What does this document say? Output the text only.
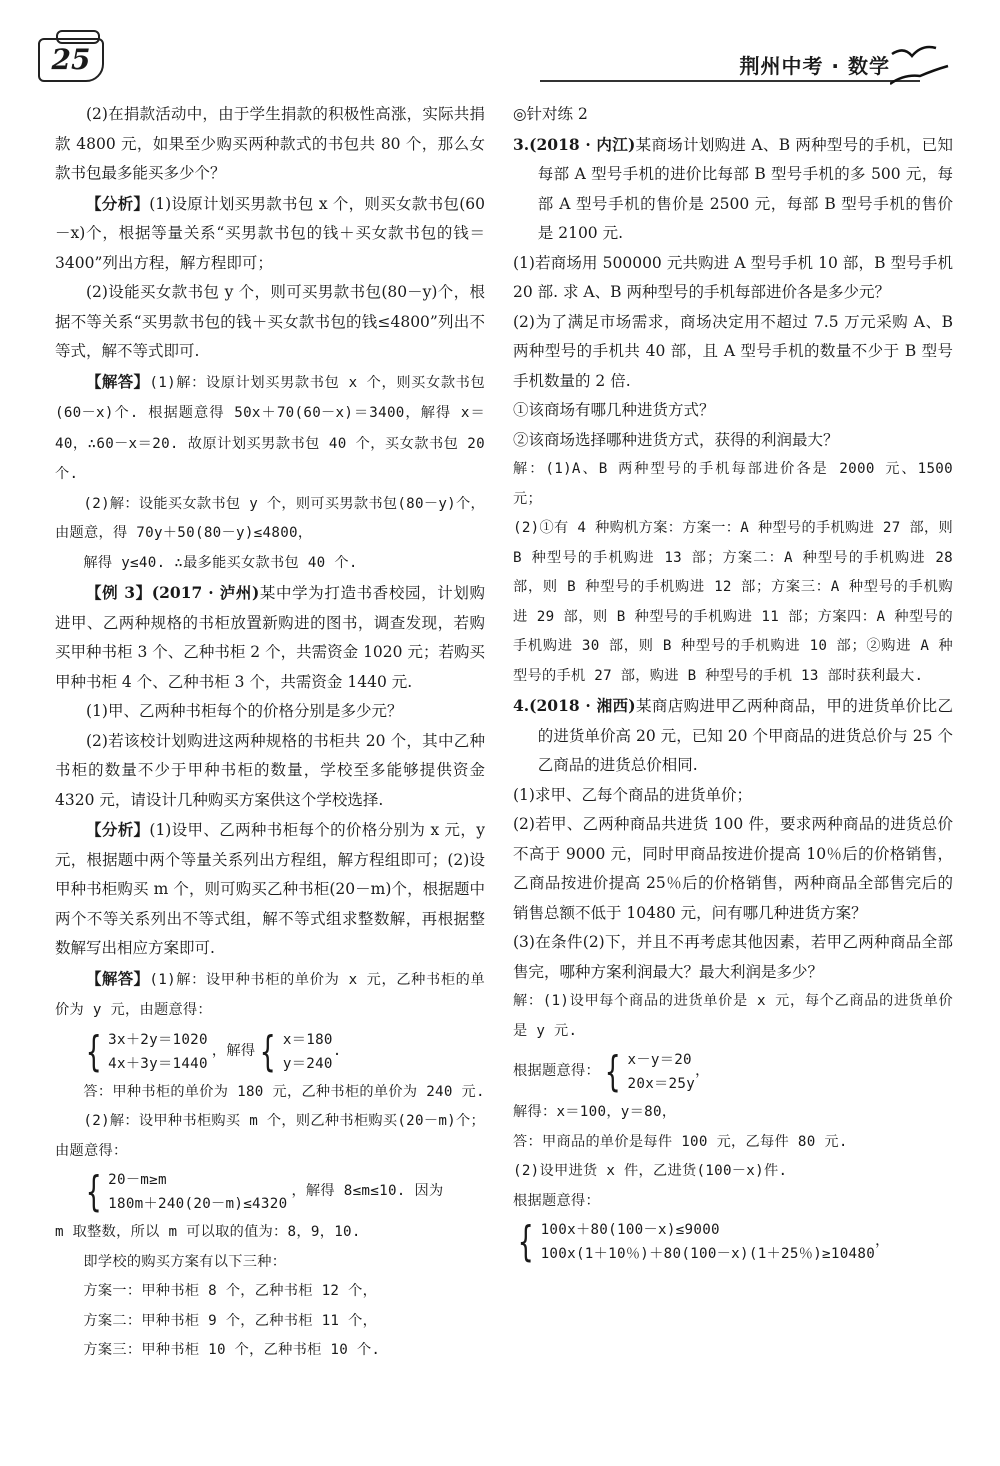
25	荆州中考 · 数学

(2)在捐款活动中，由于学生捐款的积极性高涨，实际共捐款 4800 元，如果至少购买两种款式的书包共 80 个，那么女款书包最多能买多少个？

【分析】(1)设原计划买男款书包 x 个，则买女款书包(60－x)个，根据等量关系“买男款书包的钱＋买女款书包的钱＝3400”列出方程，解方程即可；

(2)设能买女款书包 y 个，则可买男款书包(80－y)个，根据不等关系“买男款书包的钱＋买女款书包的钱≤4800”列出不等式，解不等式即可.

【解答】(1)解：设原计划买男款书包 x 个，则买女款书包(60－x)个. 根据题意得 50x＋70(60－x)＝3400，解得 x＝40，∴60－x＝20. 故原计划买男款书包 40 个，买女款书包 20 个.

(2)解：设能买女款书包 y 个，则可买男款书包(80－y)个，由题意，得 70y＋50(80－y)≤4800，

解得 y≤40. ∴最多能买女款书包 40 个.

【例 3】(2017 · 泸州)某中学为打造书香校园，计划购进甲、乙两种规格的书柜放置新购进的图书，调查发现，若购买甲种书柜 3 个、乙种书柜 2 个，共需资金 1020 元；若购买甲种书柜 4 个、乙种书柜 3 个，共需资金 1440 元.

(1)甲、乙两种书柜每个的价格分别是多少元？

(2)若该校计划购进这两种规格的书柜共 20 个，其中乙种书柜的数量不少于甲种书柜的数量，学校至多能够提供资金 4320 元，请设计几种购买方案供这个学校选择.

【分析】(1)设甲、乙两种书柜每个的价格分别为 x 元，y 元，根据题中两个等量关系列出方程组，解方程组即可；(2)设甲种书柜购买 m 个，则可购买乙种书柜(20－m)个，根据题中两个不等关系列出不等式组，解不等式组求整数解，再根据整数解写出相应方案即可.

【解答】(1)解：设甲种书柜的单价为 x 元，乙种书柜的单价为 y 元，由题意得：

{ 3x＋2y＝1020
4x＋3y＝1440
，解得 { x＝180
y＝240
.

答：甲种书柜的单价为 180 元，乙种书柜的单价为 240 元.

(2)解：设甲种书柜购买 m 个，则乙种书柜购买(20－m)个；由题意得：

{ 20－m≥m
180m＋240(20－m)≤4320
，解得 8≤m≤10. 因为

m 取整数，所以 m 可以取的值为：8，9，10.

即学校的购买方案有以下三种：

方案一：甲种书柜 8 个，乙种书柜 12 个，

方案二：甲种书柜 9 个，乙种书柜 11 个，

方案三：甲种书柜 10 个，乙种书柜 10 个.

◎针对练 2

3.(2018 · 内江)某商场计划购进 A、B 两种型号的手机，已知每部 A 型号手机的进价比每部 B 型号手机的多 500 元，每部 A 型号手机的售价是 2500 元，每部 B 型号手机的售价是 2100 元.

(1)若商场用 500000 元共购进 A 型号手机 10 部，B 型号手机 20 部. 求 A、B 两种型号的手机每部进价各是多少元？

(2)为了满足市场需求，商场决定用不超过 7.5 万元采购 A、B 两种型号的手机共 40 部，且 A 型号手机的数量不少于 B 型号手机数量的 2 倍.

①该商场有哪几种进货方式？

②该商场选择哪种进货方式，获得的利润最大？

解：(1)A、B 两种型号的手机每部进价各是 2000 元、1500 元；

(2)①有 4 种购机方案：方案一：A 种型号的手机购进 27 部，则 B 种型号的手机购进 13 部；方案二：A 种型号的手机购进 28 部，则 B 种型号的手机购进 12 部；方案三：A 种型号的手机购进 29 部，则 B 种型号的手机购进 11 部；方案四：A 种型号的手机购进 30 部，则 B 种型号的手机购进 10 部；②购进 A 种型号的手机 27 部，购进 B 种型号的手机 13 部时获利最大.

4.(2018 · 湘西)某商店购进甲乙两种商品，甲的进货单价比乙的进货单价高 20 元，已知 20 个甲商品的进货总价与 25 个乙商品的进货总价相同.

(1)求甲、乙每个商品的进货单价；

(2)若甲、乙两种商品共进货 100 件，要求两种商品的进货总价不高于 9000 元，同时甲商品按进价提高 10％后的价格销售，乙商品按进价提高 25％后的价格销售，两种商品全部售完后的销售总额不低于 10480 元，问有哪几种进货方案？

(3)在条件(2)下，并且不再考虑其他因素，若甲乙两种商品全部售完，哪种方案利润最大？最大利润是多少？

解：(1)设甲每个商品的进货单价是 x 元，每个乙商品的进货单价是 y 元.

根据题意得： { x－y＝20
20x＝25y
，

解得：x＝100，y＝80，

答：甲商品的单价是每件 100 元，乙每件 80 元.

(2)设甲进货 x 件，乙进货(100－x)件.

根据题意得：

{ 100x＋80(100－x)≤9000
100x(1＋10％)＋80(100－x)(1＋25％)≥10480
，
